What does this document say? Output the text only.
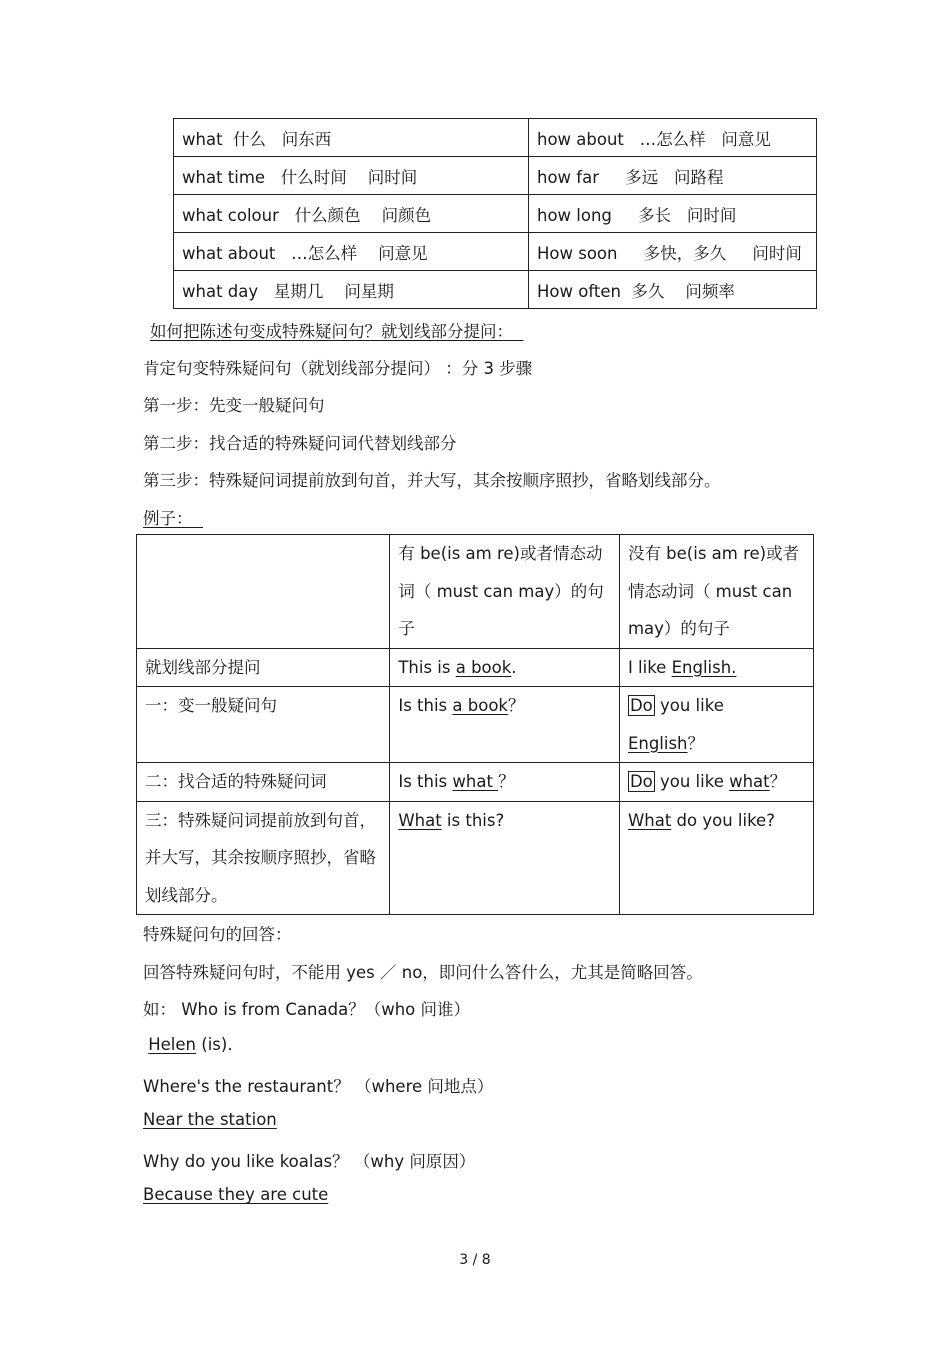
what  什么   问东西	how about   …怎么样   问意见
what time   什么时间    问时间	how far     多远   问路程
what colour   什么颜色    问颜色	how long     多长   问时间
what about   …怎么样    问意见	How soon     多快，多久     问时间
what day   星期几    问星期	How often  多久    问频率
如何把陈述句变成特殊疑问句？就划线部分提问：
肯定句变特殊疑问句（就划线部分提问） ：分 3 步骤
第一步：先变一般疑问句
第二步：找合适的特殊疑问词代替划线部分
第三步：特殊疑问词提前放到句首，并大写，其余按顺序照抄，省略划线部分。
例子：
	有 be(is am re)或者情态动词（ must can may）的句子	没有 be(is am re)或者情态动词（ must can may）的句子
就划线部分提问	This is a book.	I like English.
一：变一般疑问句	Is this a book？	Do you like English？
二：找合适的特殊疑问词	Is this what ？	Do you like what？
三：特殊疑问词提前放到句首，并大写，其余按顺序照抄，省略划线部分。	What is this?	What do you like?
特殊疑问句的回答：
回答特殊疑问句时，不能用 yes ／ no，即问什么答什么，尤其是简略回答。
如： Who is from Canada？（who 问谁）
Helen (is).
Where's the restaurant？ （where 问地点）
Near the station
Why do you like koalas？ （why 问原因）
Because they are cute
3 / 8
